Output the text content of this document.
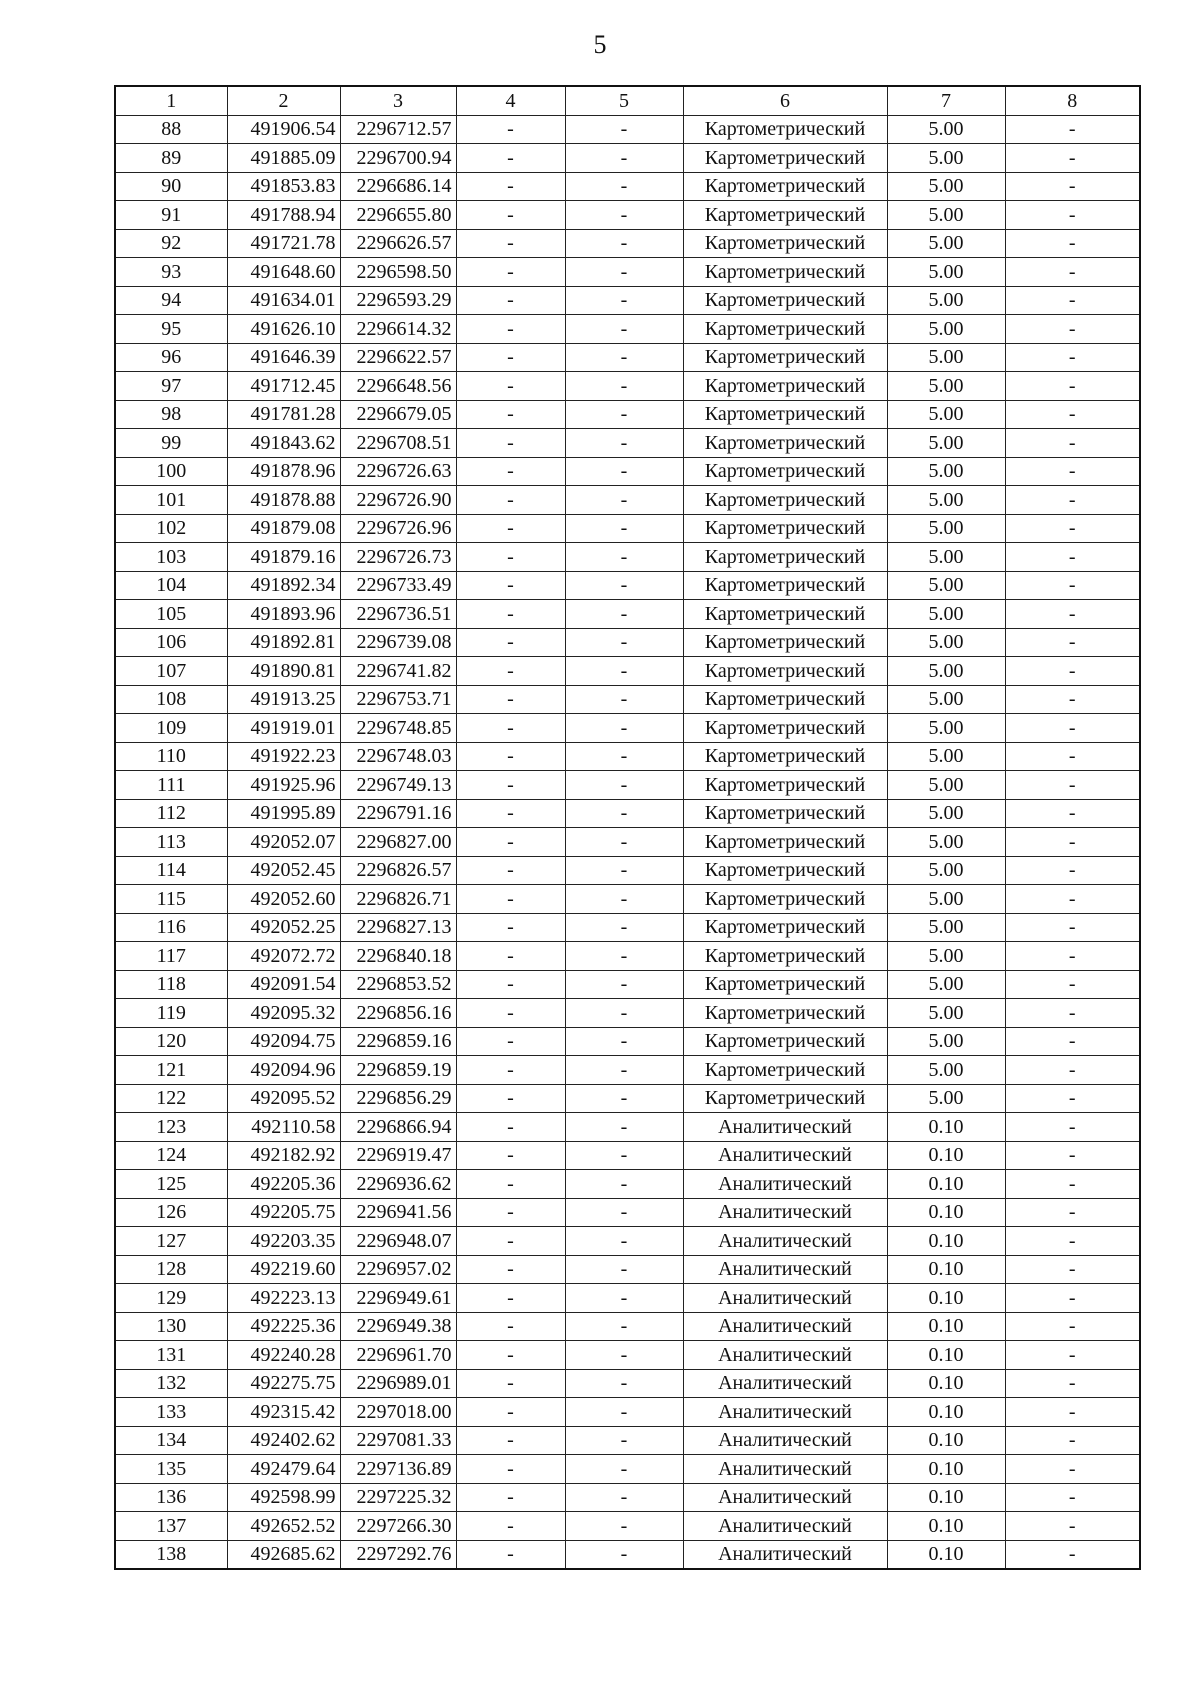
5
1	2	3	4	5	6	7	8
88	491906.54	2296712.57	-	-	Картометрический	5.00	-
89	491885.09	2296700.94	-	-	Картометрический	5.00	-
90	491853.83	2296686.14	-	-	Картометрический	5.00	-
91	491788.94	2296655.80	-	-	Картометрический	5.00	-
92	491721.78	2296626.57	-	-	Картометрический	5.00	-
93	491648.60	2296598.50	-	-	Картометрический	5.00	-
94	491634.01	2296593.29	-	-	Картометрический	5.00	-
95	491626.10	2296614.32	-	-	Картометрический	5.00	-
96	491646.39	2296622.57	-	-	Картометрический	5.00	-
97	491712.45	2296648.56	-	-	Картометрический	5.00	-
98	491781.28	2296679.05	-	-	Картометрический	5.00	-
99	491843.62	2296708.51	-	-	Картометрический	5.00	-
100	491878.96	2296726.63	-	-	Картометрический	5.00	-
101	491878.88	2296726.90	-	-	Картометрический	5.00	-
102	491879.08	2296726.96	-	-	Картометрический	5.00	-
103	491879.16	2296726.73	-	-	Картометрический	5.00	-
104	491892.34	2296733.49	-	-	Картометрический	5.00	-
105	491893.96	2296736.51	-	-	Картометрический	5.00	-
106	491892.81	2296739.08	-	-	Картометрический	5.00	-
107	491890.81	2296741.82	-	-	Картометрический	5.00	-
108	491913.25	2296753.71	-	-	Картометрический	5.00	-
109	491919.01	2296748.85	-	-	Картометрический	5.00	-
110	491922.23	2296748.03	-	-	Картометрический	5.00	-
111	491925.96	2296749.13	-	-	Картометрический	5.00	-
112	491995.89	2296791.16	-	-	Картометрический	5.00	-
113	492052.07	2296827.00	-	-	Картометрический	5.00	-
114	492052.45	2296826.57	-	-	Картометрический	5.00	-
115	492052.60	2296826.71	-	-	Картометрический	5.00	-
116	492052.25	2296827.13	-	-	Картометрический	5.00	-
117	492072.72	2296840.18	-	-	Картометрический	5.00	-
118	492091.54	2296853.52	-	-	Картометрический	5.00	-
119	492095.32	2296856.16	-	-	Картометрический	5.00	-
120	492094.75	2296859.16	-	-	Картометрический	5.00	-
121	492094.96	2296859.19	-	-	Картометрический	5.00	-
122	492095.52	2296856.29	-	-	Картометрический	5.00	-
123	492110.58	2296866.94	-	-	Аналитический	0.10	-
124	492182.92	2296919.47	-	-	Аналитический	0.10	-
125	492205.36	2296936.62	-	-	Аналитический	0.10	-
126	492205.75	2296941.56	-	-	Аналитический	0.10	-
127	492203.35	2296948.07	-	-	Аналитический	0.10	-
128	492219.60	2296957.02	-	-	Аналитический	0.10	-
129	492223.13	2296949.61	-	-	Аналитический	0.10	-
130	492225.36	2296949.38	-	-	Аналитический	0.10	-
131	492240.28	2296961.70	-	-	Аналитический	0.10	-
132	492275.75	2296989.01	-	-	Аналитический	0.10	-
133	492315.42	2297018.00	-	-	Аналитический	0.10	-
134	492402.62	2297081.33	-	-	Аналитический	0.10	-
135	492479.64	2297136.89	-	-	Аналитический	0.10	-
136	492598.99	2297225.32	-	-	Аналитический	0.10	-
137	492652.52	2297266.30	-	-	Аналитический	0.10	-
138	492685.62	2297292.76	-	-	Аналитический	0.10	-
